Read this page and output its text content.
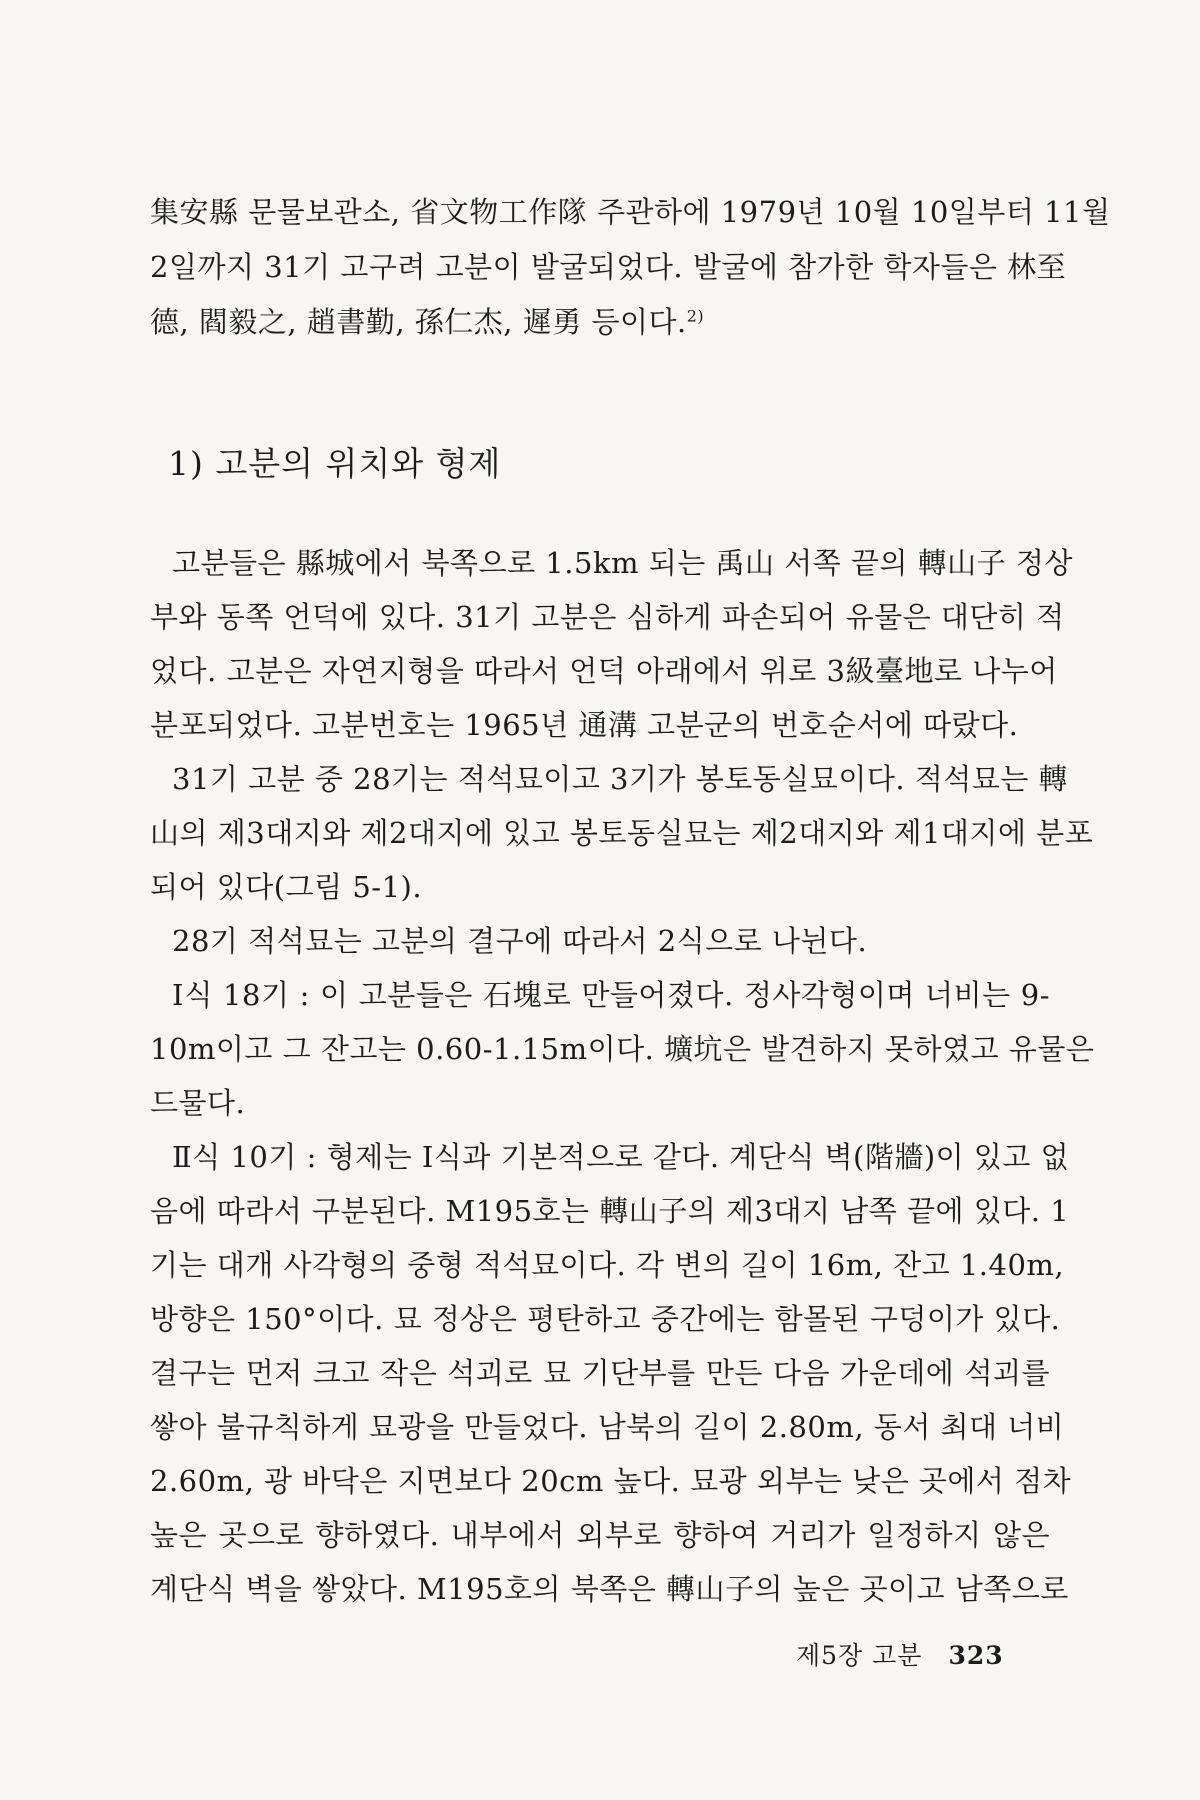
集安縣 문물보관소, 省文物工作隊 주관하에 1979년 10월 10일부터 11월
2일까지 31기 고구려 고분이 발굴되었다. 발굴에 참가한 학자들은 林至
德, 閻毅之, 趙書勤, 孫仁杰, 遲勇 등이다.$^{2)}$
1) 고분의 위치와 형제
고분들은 縣城에서 북쪽으로 1.5km 되는 禹山 서쪽 끝의 轉山子 정상
부와 동쪽 언덕에 있다. 31기 고분은 심하게 파손되어 유물은 대단히 적
었다. 고분은 자연지형을 따라서 언덕 아래에서 위로 3級臺地로 나누어
분포되었다. 고분번호는 1965년 通溝 고분군의 번호순서에 따랐다.
31기 고분 중 28기는 적석묘이고 3기가 봉토동실묘이다. 적석묘는 轉
山의 제3대지와 제2대지에 있고 봉토동실묘는 제2대지와 제1대지에 분포
되어 있다(그림 5-1).
28기 적석묘는 고분의 결구에 따라서 2식으로 나뉜다.
Ⅰ식 18기 : 이 고분들은 石塊로 만들어졌다. 정사각형이며 너비는 9-
10m이고 그 잔고는 0.60-1.15m이다. 壙坑은 발견하지 못하였고 유물은
드물다.
Ⅱ식 10기 : 형제는 Ⅰ식과 기본적으로 같다. 계단식 벽(階牆)이 있고 없
음에 따라서 구분된다. M195호는 轉山子의 제3대지 남쪽 끝에 있다. 1
기는 대개 사각형의 중형 적석묘이다. 각 변의 길이 16m, 잔고 1.40m,
방향은 150°이다. 묘 정상은 평탄하고 중간에는 함몰된 구덩이가 있다.
결구는 먼저 크고 작은 석괴로 묘 기단부를 만든 다음 가운데에 석괴를
쌓아 불규칙하게 묘광을 만들었다. 남북의 길이 2.80m, 동서 최대 너비
2.60m, 광 바닥은 지면보다 20cm 높다. 묘광 외부는 낮은 곳에서 점차
높은 곳으로 향하였다. 내부에서 외부로 향하여 거리가 일정하지 않은
계단식 벽을 쌓았다. M195호의 북쪽은 轉山子의 높은 곳이고 남쪽으로
제5장 고분 323
